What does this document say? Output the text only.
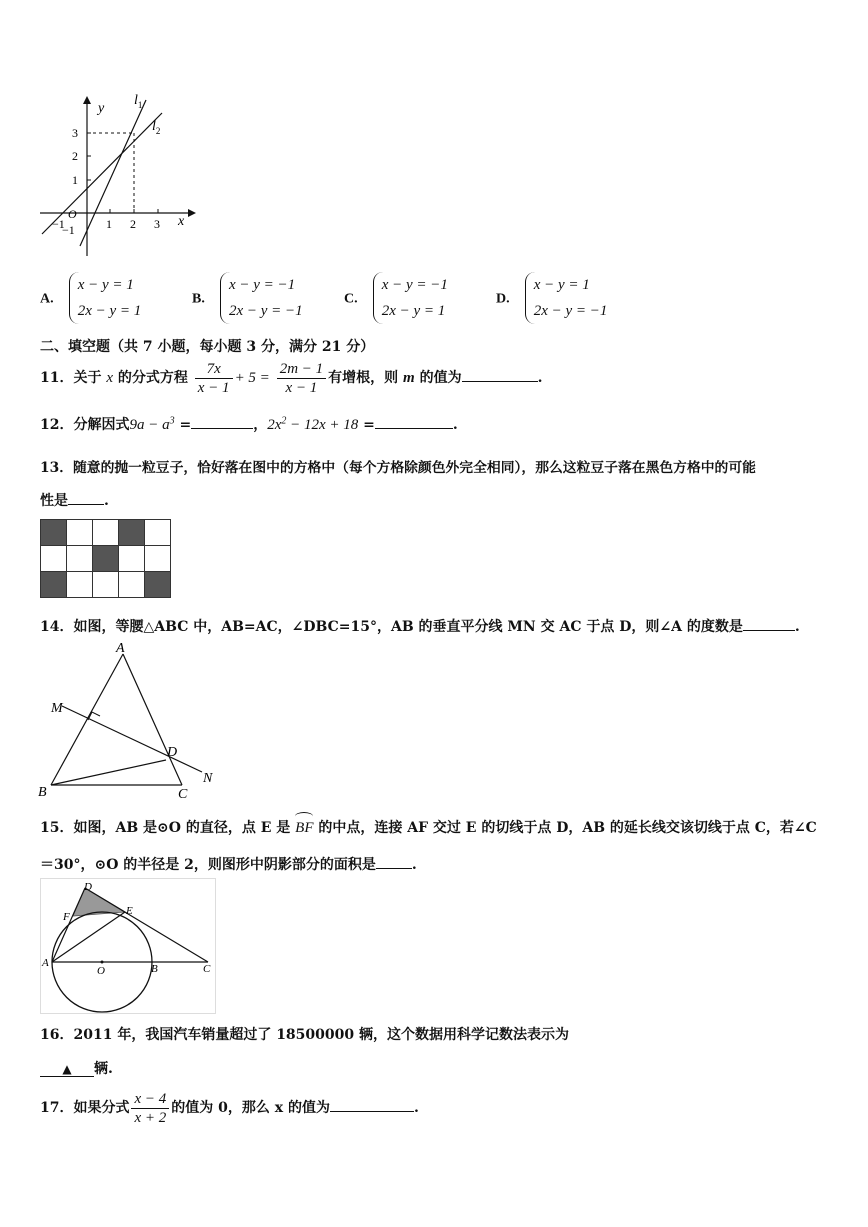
y
x
$l_1$
$l_2$
1
2
3
1 2 3
−1
O
−1
A.
x − y = 1
2x − y = 1
B.
x − y = −1
2x − y = −1
C.
x − y = −1
2x − y = 1
D.
x − y = 1
2x − y = −1
二、填空题（共 7 小题，每小题 3 分，满分 21 分）
11．关于 x 的分式方程 $\frac{7x}{x - 1} + 5 = \frac{2m - 1}{x - 1}$ 有增根，则 m 的值为	.
12．分解因式$9a - a^3$ =	，$2x^2 - 12x + 18$ =	.
13．随意的抛一粒豆子，恰好落在图中的方格中（每个方格除颜色外完全相同），那么这粒豆子落在黑色方格中的可能
性是	.

14．如图，等腰△ABC 中，AB=AC，∠DBC=15°，AB 的垂直平分线 MN 交 AC 于点 D，则∠A 的度数是	.
A
M
D
N
B	C
15．如图，AB 是⊙O 的直径，点 E 是 BF 的中点，连接 AF 交过 E 的切线于点 D，AB 的延长线交该切线于点 C，若∠C
＝30°，⊙O 的半径是 2，则图形中阴影部分的面积是	.
D
F	E
A
O	B	C
16．2011 年，我国汽车销量超过了 18500000 辆，这个数据用科学记数法表示为
▲ 辆.
17．如果分式 $\frac{x - 4}{x + 2}$ 的值为 0，那么 x 的值为	.
